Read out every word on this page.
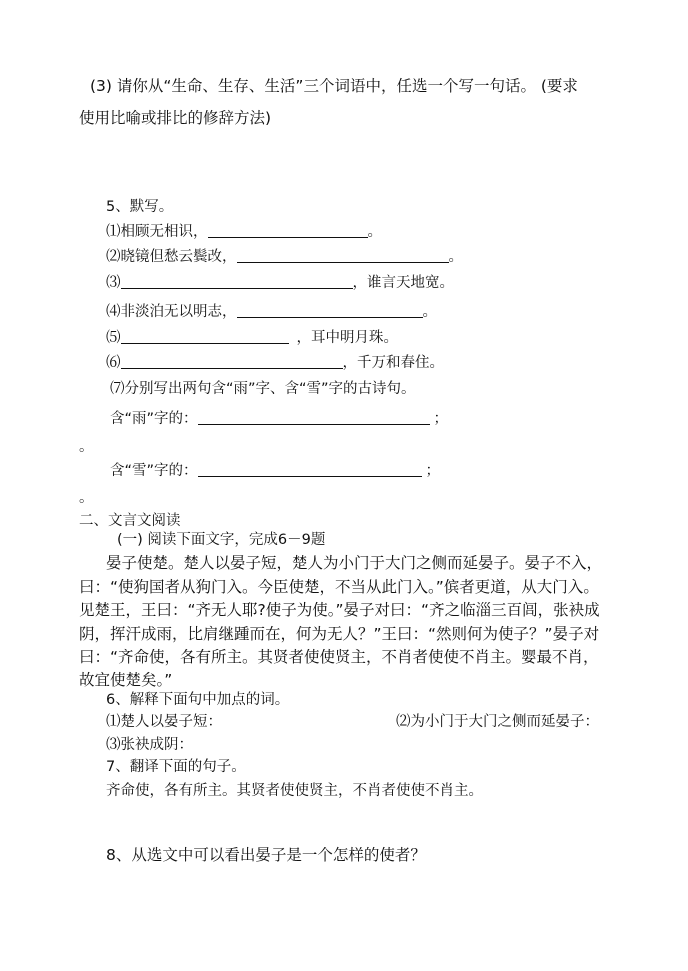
(3) 请你从“生命、生存、生活”三个词语中，任选一个写一句话。 (要求
使用比喻或排比的修辞方法)
5、默写。
⑴相顾无相识，	。
⑵晓镜但愁云鬓改，	。
⑶	，谁言天地宽。
⑷非淡泊无以明志，	。
⑸	，耳中明月珠。
⑹	，千万和春住。
⑺分别写出两句含“雨”字、含“雪”字的古诗句。
含“雨”字的：	；
。
含“雪”字的：	；
。
二、文言文阅读
(一) 阅读下面文字，完成6－9题
晏子使楚。楚人以晏子短，楚人为小门于大门之侧而延晏子。晏子不入，
曰：“使狗国者从狗门入。今臣使楚，不当从此门入。”傧者更道，从大门入。
见楚王，王曰：“齐无人耶?使子为使。”晏子对曰：“齐之临淄三百闾，张袂成
阴，挥汗成雨，比肩继踵而在，何为无人？”王曰：“然则何为使子？”晏子对
曰：“齐命使，各有所主。其贤者使使贤主，不肖者使使不肖主。婴最不肖，
故宜使楚矣。”
6、解释下面句中加点的词。
⑴楚人以晏子短：	⑵为小门于大门之侧而延晏子：
⑶张袂成阴：
7、翻译下面的句子。
齐命使，各有所主。其贤者使使贤主，不肖者使使不肖主。
8、从选文中可以看出晏子是一个怎样的使者？
